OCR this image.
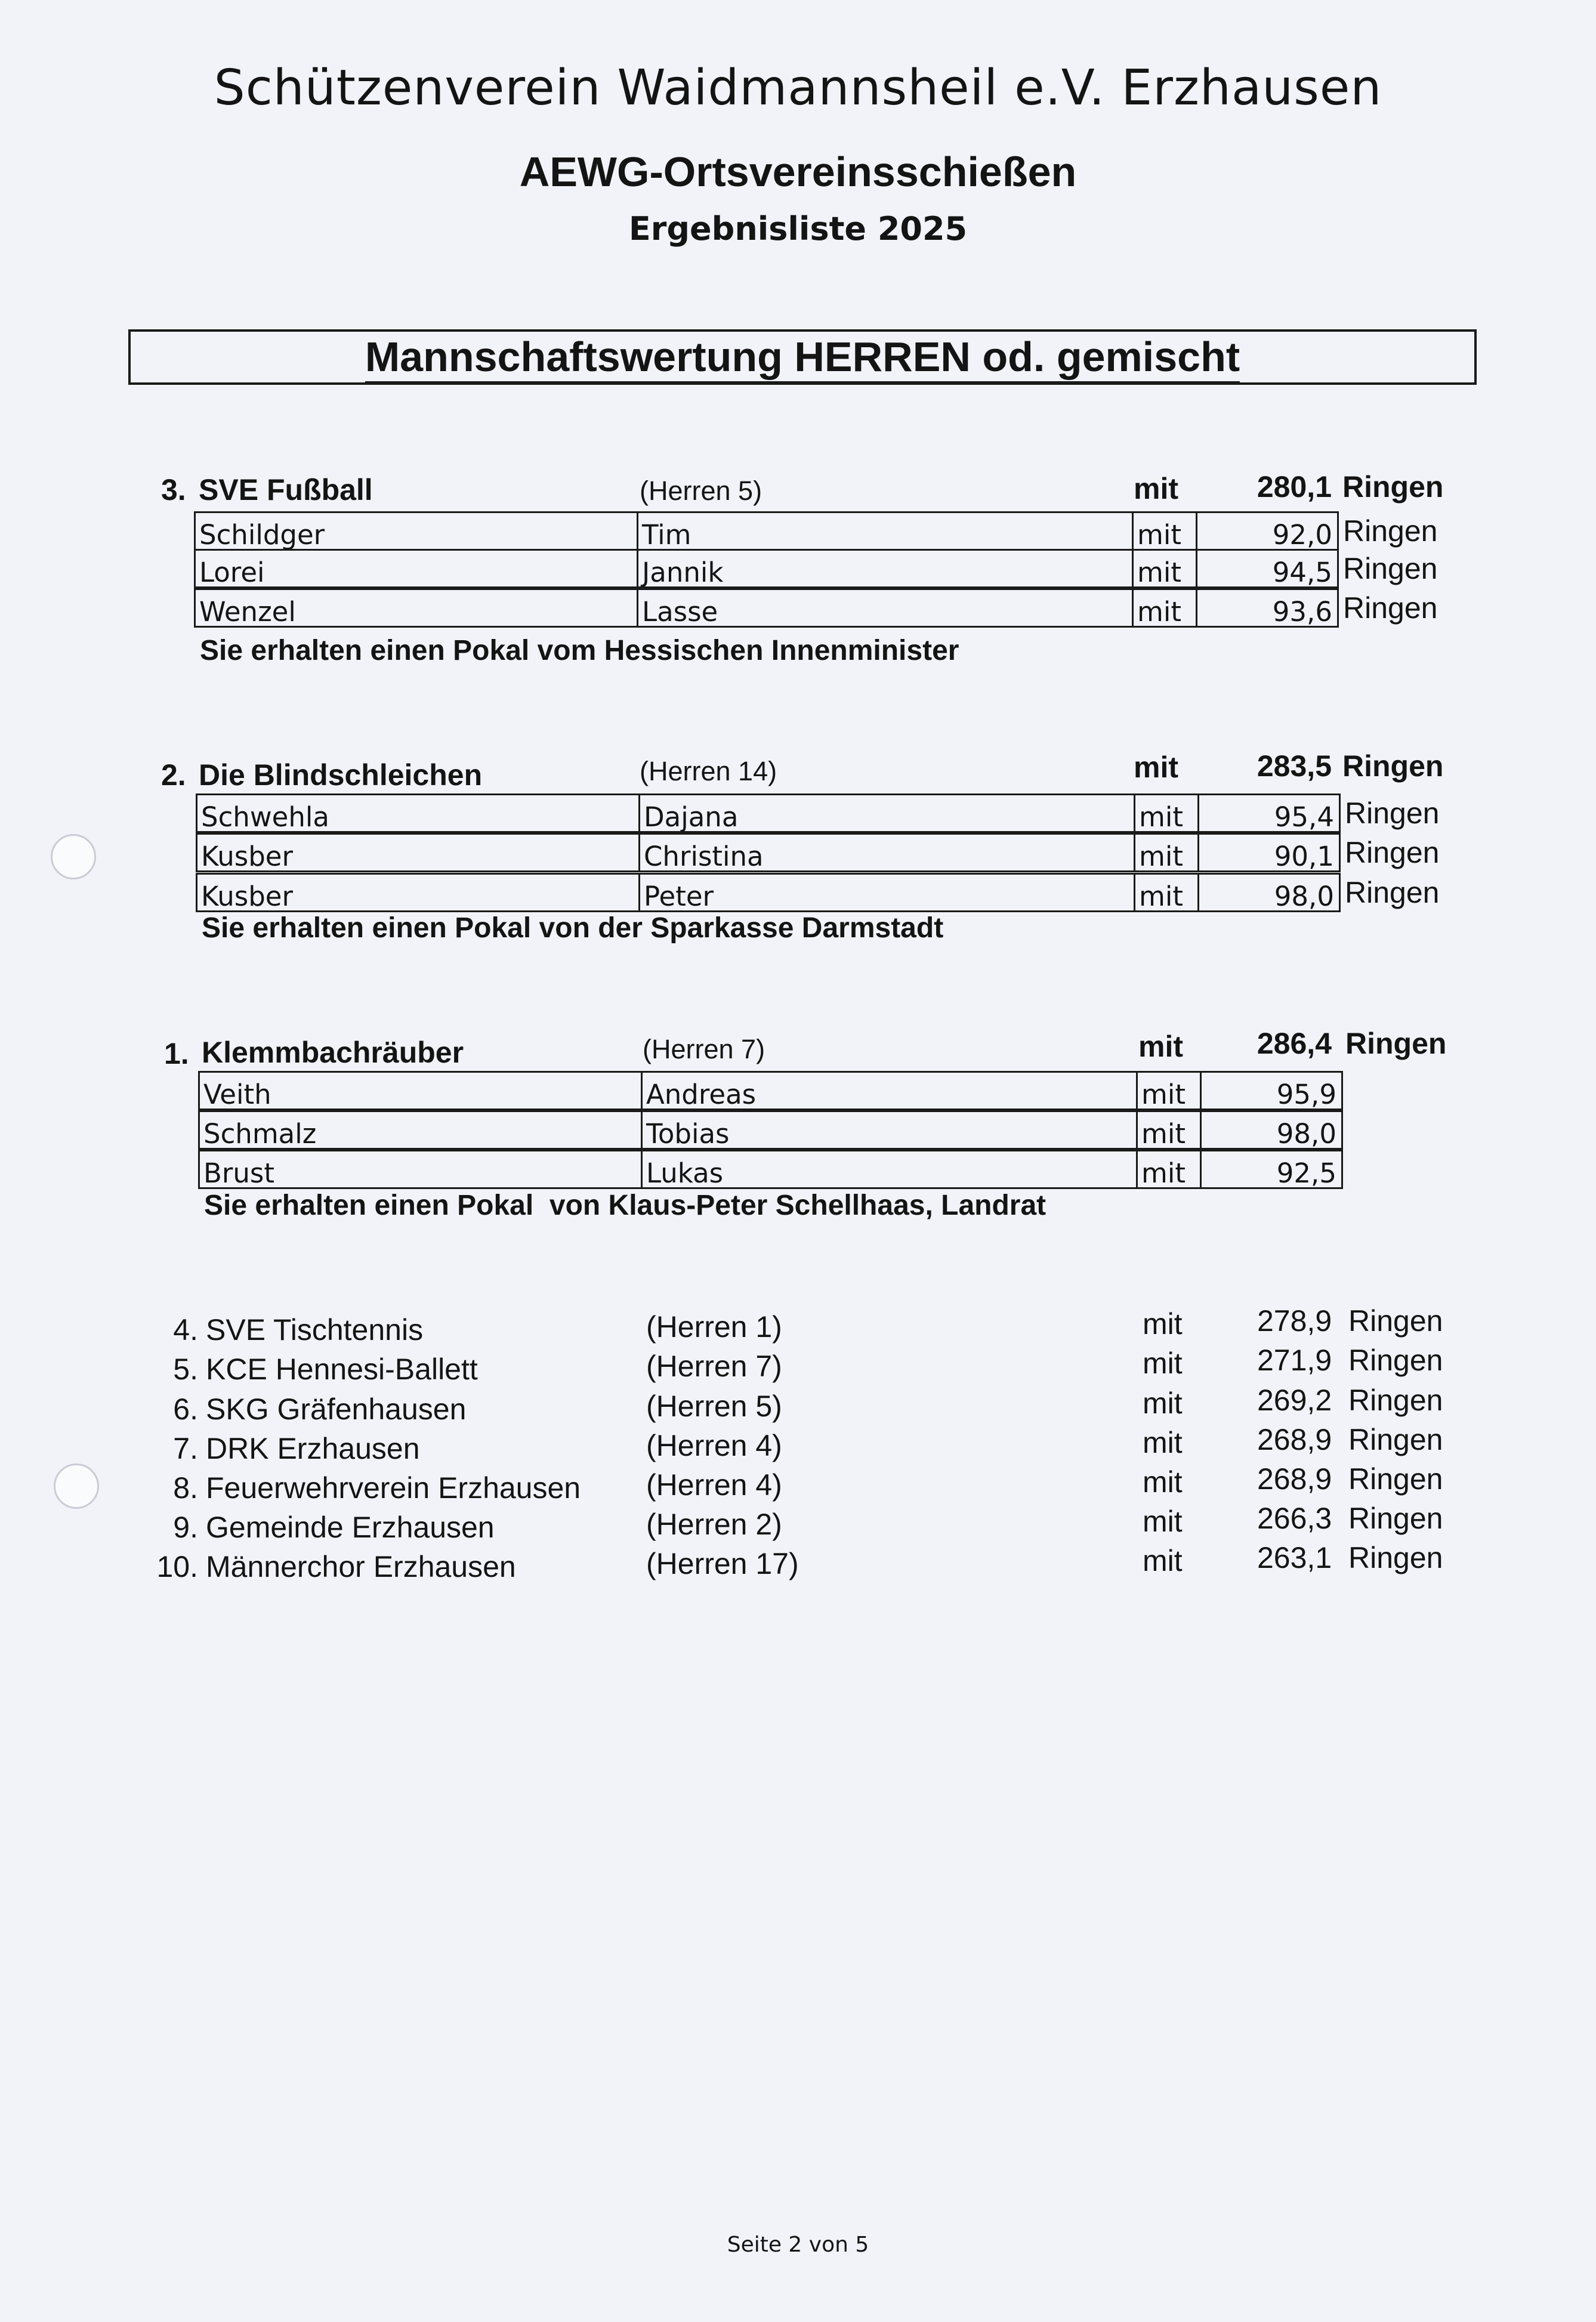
Schützenverein Waidmannsheil e.V. Erzhausen
AEWG-Ortsvereinsschießen
Ergebnisliste 2025
Mannschaftswertung HERREN od. gemischt
3. SVE Fußball	(Herren 5)	mit	280,1 Ringen
Schildger	Tim	mit	92,0 Ringen
Lorei	Jannik	mit	94,5 Ringen
Wenzel	Lasse	mit	93,6 Ringen
Sie erhalten einen Pokal vom Hessischen Innenminister
2. Die Blindschleichen	(Herren 14)	mit	283,5 Ringen
Schwehla	Dajana	mit	95,4 Ringen
Kusber	Christina	mit	90,1 Ringen
Kusber	Peter	mit	98,0 Ringen
Sie erhalten einen Pokal von der Sparkasse Darmstadt
1. Klemmbachräuber	(Herren 7)	mit	286,4 Ringen
Veith	Andreas	mit	95,9
Schmalz	Tobias	mit	98,0
Brust	Lukas	mit	92,5
Sie erhalten einen Pokal  von Klaus-Peter Schellhaas, Landrat
4. SVE Tischtennis	(Herren 1)	mit	278,9 Ringen
5. KCE Hennesi-Ballett	(Herren 7)	mit	271,9 Ringen
6. SKG Gräfenhausen	(Herren 5)	mit	269,2 Ringen
7. DRK Erzhausen	(Herren 4)	mit	268,9 Ringen
8. Feuerwehrverein Erzhausen (Herren 4)	mit	268,9 Ringen
9. Gemeinde Erzhausen	(Herren 2)	mit	266,3 Ringen
10. Männerchor Erzhausen	(Herren 17)	mit	263,1 Ringen
Seite 2 von 5
